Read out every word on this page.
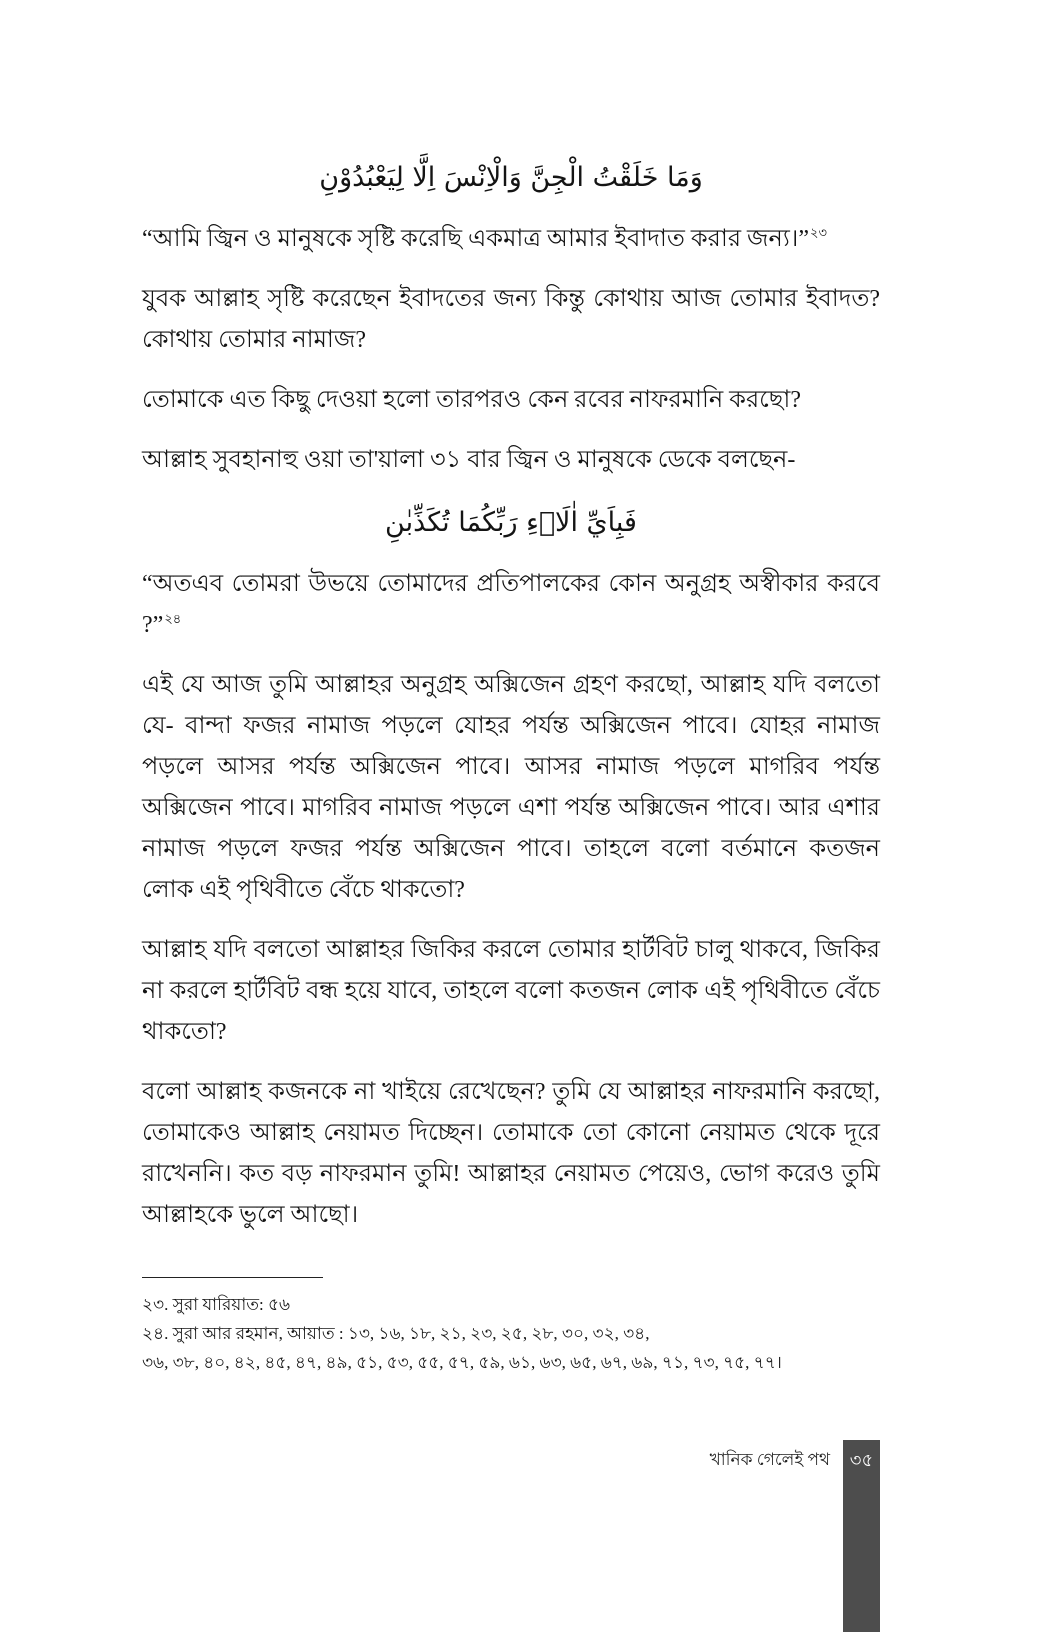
وَمَا خَلَقْتُ الْجِنَّ وَالْاِنْسَ اِلَّا لِيَعْبُدُوْنِ

“আমি জ্বিন ও মানুষকে সৃষ্টি করেছি একমাত্র আমার ইবাদাত করার জন্য।”$^{২৩}$

যুবক আল্লাহ সৃষ্টি করেছেন ইবাদতের জন্য কিন্তু কোথায় আজ তোমার ইবাদত? কোথায় তোমার নামাজ?

তোমাকে এত কিছু দেওয়া হলো তারপরও কেন রবের নাফরমানি করছো?

আল্লাহ সুবহানাহু ওয়া তা'য়ালা ৩১ বার জ্বিন ও মানুষকে ডেকে বলছেন-

فَبِاَيِّ اٰلَاۤءِ رَبِّكُمَا تُكَذِّبٰنِ

“অতএব তোমরা উভয়ে তোমাদের প্রতিপালকের কোন অনুগ্রহ অস্বীকার করবে ?”$^{২৪}$

এই যে আজ তুমি আল্লাহর অনুগ্রহ অক্সিজেন গ্রহণ করছো, আল্লাহ যদি বলতো যে- বান্দা ফজর নামাজ পড়লে যোহর পর্যন্ত অক্সিজেন পাবে। যোহর নামাজ পড়লে আসর পর্যন্ত অক্সিজেন পাবে। আসর নামাজ পড়লে মাগরিব পর্যন্ত অক্সিজেন পাবে। মাগরিব নামাজ পড়লে এশা পর্যন্ত অক্সিজেন পাবে। আর এশার নামাজ পড়লে ফজর পর্যন্ত অক্সিজেন পাবে। তাহলে বলো বর্তমানে কতজন লোক এই পৃথিবীতে বেঁচে থাকতো?

আল্লাহ যদি বলতো আল্লাহর জিকির করলে তোমার হার্টবিট চালু থাকবে, জিকির না করলে হার্টবিট বন্ধ হয়ে যাবে, তাহলে বলো কতজন লোক এই পৃথিবীতে বেঁচে থাকতো?

বলো আল্লাহ কজনকে না খাইয়ে রেখেছেন? তুমি যে আল্লাহর নাফরমানি করছো, তোমাকেও আল্লাহ নেয়ামত দিচ্ছেন। তোমাকে তো কোনো নেয়ামত থেকে দূরে রাখেননি। কত বড় নাফরমান তুমি! আল্লাহর নেয়ামত পেয়েও, ভোগ করেও তুমি আল্লাহকে ভুলে আছো।

২৩. সুরা যারিয়াত: ৫৬

২৪. সুরা আর রহমান, আয়াত : ১৩, ১৬, ১৮, ২১, ২৩, ২৫, ২৮, ৩০, ৩২, ৩৪,

৩৬, ৩৮, ৪০, ৪২, ৪৫, ৪৭, ৪৯, ৫১, ৫৩, ৫৫, ৫৭, ৫৯, ৬১, ৬৩, ৬৫, ৬৭, ৬৯, ৭১, ৭৩, ৭৫, ৭৭।

খানিক গেলেই পথ	৩৫
